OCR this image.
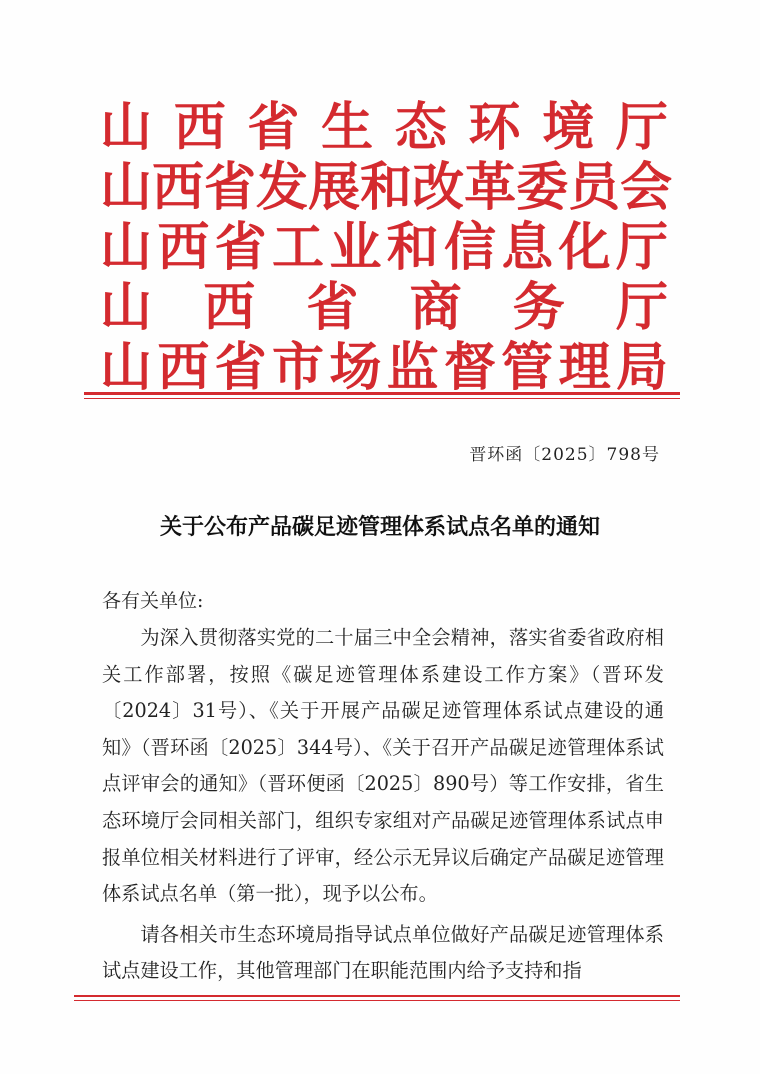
山 西 省 生 态 环 境 厅
山 西 省 发 展 和 改 革 委 员 会
山 西 省 工 业 和 信 息 化 厅
山 西 省 商 务 厅
山 西 省 市 场 监 督 管 理 局
晋环函〔2025〕798号
关于公布产品碳足迹管理体系试点名单的通知
各有关单位:

为深入贯彻落实党的二十届三中全会精神，落实省委省政府相关工作部署，按照《碳足迹管理体系建设工作方案》（晋环发〔2024〕31号）、《关于开展产品碳足迹管理体系试点建设的通知》（晋环函〔2025〕344号）、《关于召开产品碳足迹管理体系试点评审会的通知》（晋环便函〔2025〕890号）等工作安排，省生态环境厅会同相关部门，组织专家组对产品碳足迹管理体系试点申报单位相关材料进行了评审，经公示无异议后确定产品碳足迹管理体系试点名单（第一批），现予以公布。

请各相关市生态环境局指导试点单位做好产品碳足迹管理体系试点建设工作，其他管理部门在职能范围内给予支持和指
